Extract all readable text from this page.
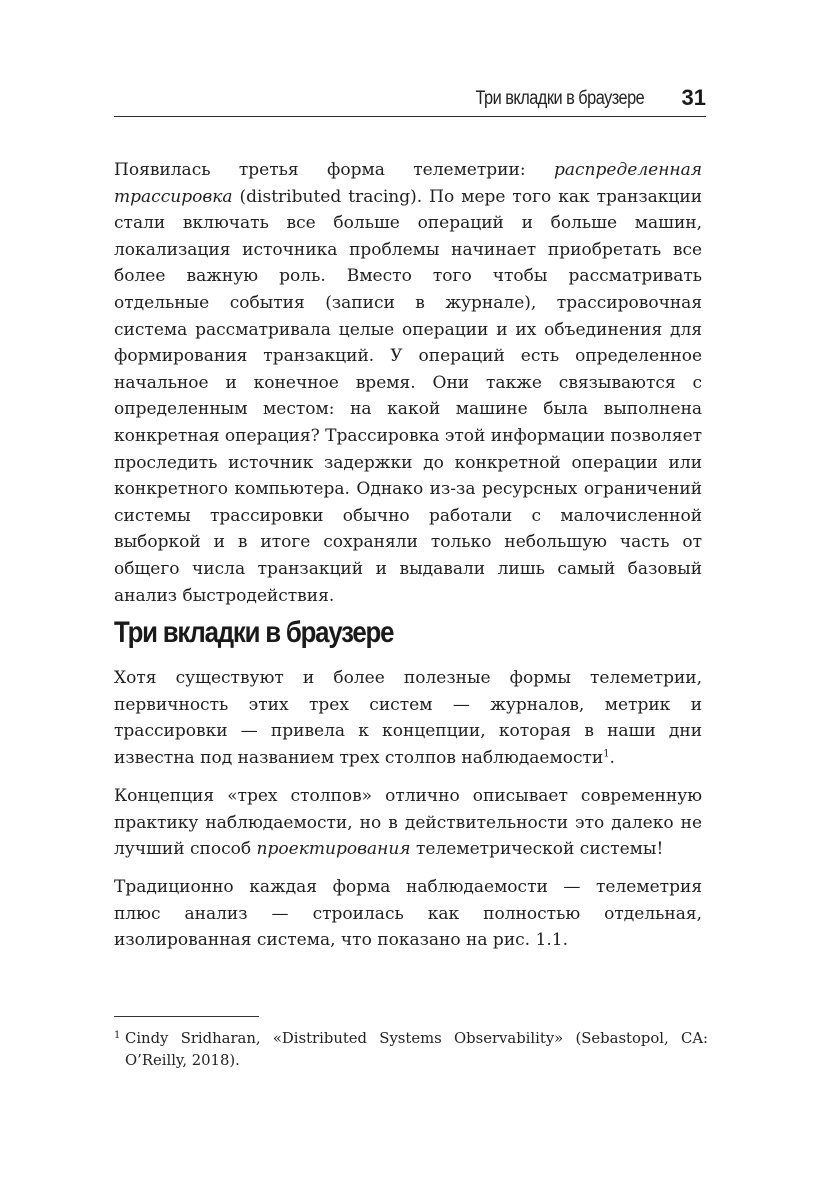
Три вкладки в браузере 31

Появилась третья форма телеметрии: распределенная трассировка (distributed tracing). По мере того как транзакции стали включать все больше операций и больше машин, локализация источника проблемы начинает приобретать все более важную роль. Вместо того чтобы рассматривать отдельные события (записи в журнале), трассировочная система рассматривала целые операции и их объединения для формирования транзакций. У операций есть определенное начальное и конечное время. Они также связываются с определенным местом: на какой машине была выполнена конкретная операция? Трассировка этой информации позволяет проследить источник задержки до конкретной операции или конкретного компьютера. Однако из-за ресурсных ограничений системы трассировки обычно работали с малочисленной выборкой и в итоге сохраняли только небольшую часть от общего числа транзакций и выдавали лишь самый базовый анализ быстродействия.

Три вкладки в браузере

Хотя существуют и более полезные формы телеметрии, первичность этих трех систем — журналов, метрик и трассировки — привела к концепции, которая в наши дни известна под названием трех столпов наблюдаемости$^1$.

Концепция «трех столпов» отлично описывает современную практику наблюдаемости, но в действительности это далеко не лучший способ проектирования телеметрической системы!

Традиционно каждая форма наблюдаемости — телеметрия плюс анализ — строилась как полностью отдельная, изолированная система, что показано на рис. 1.1.

1 Cindy Sridharan, «Distributed Systems Observability» (Sebastopol, CA: O’Reilly, 2018).
